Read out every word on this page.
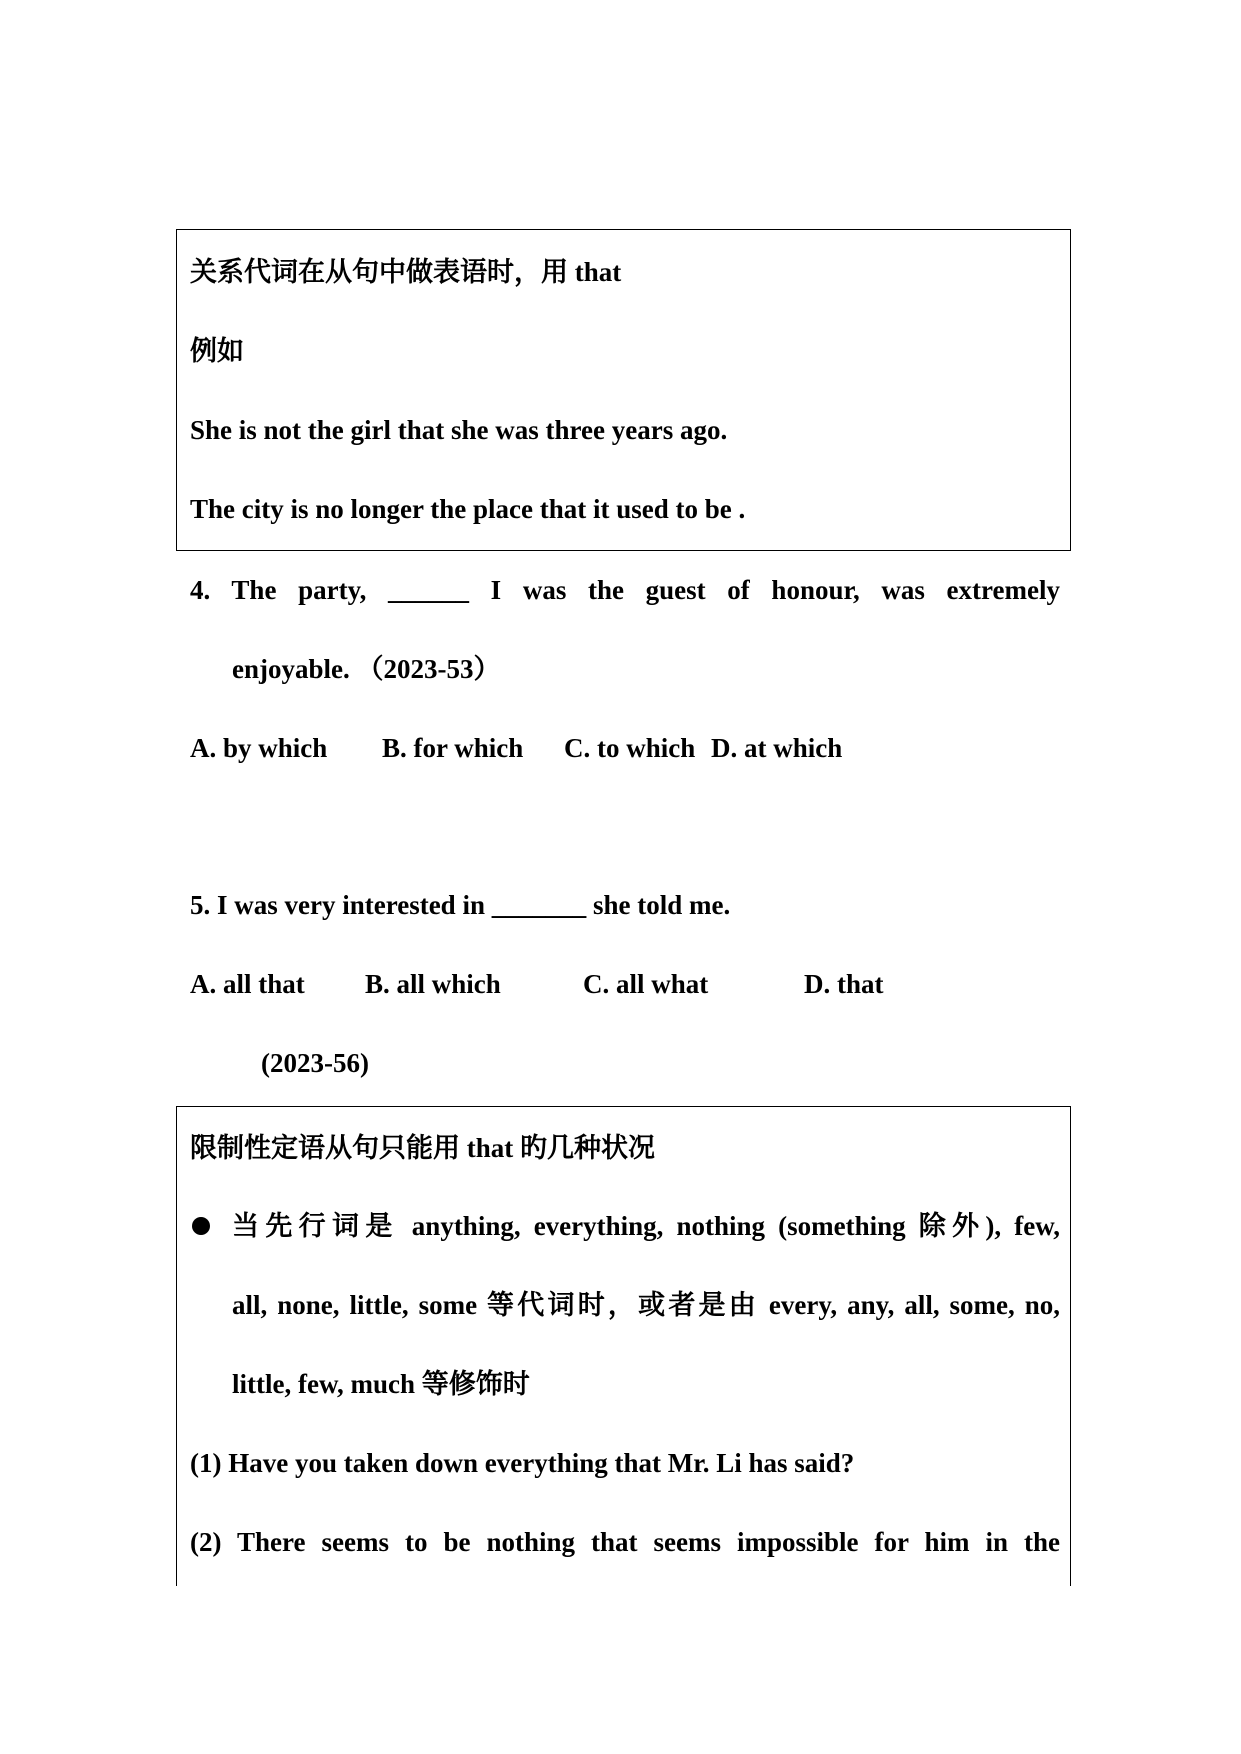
关系代词在从句中做表语时，用 that
例如
She is not the girl that she was three years ago.
The city is no longer the place that it used to be .
4. The party, ______ I was the guest of honour, was extremely
enjoyable. （2023-53）
A. by which B. for which C. to which D. at which
5. I was very interested in _______ she told me.
A. all that B. all which	C. all what	D. that
(2023-56)
限制性定语从句只能用 that 旳几种状况
当先行词是 anything, everything, nothing (something 除外), few,
all, none, little, some 等代词时，或者是由 every, any, all, some, no,
little, few, much 等修饰时
(1) Have you taken down everything that Mr. Li has said?
(2) There seems to be nothing that seems impossible for him in the
